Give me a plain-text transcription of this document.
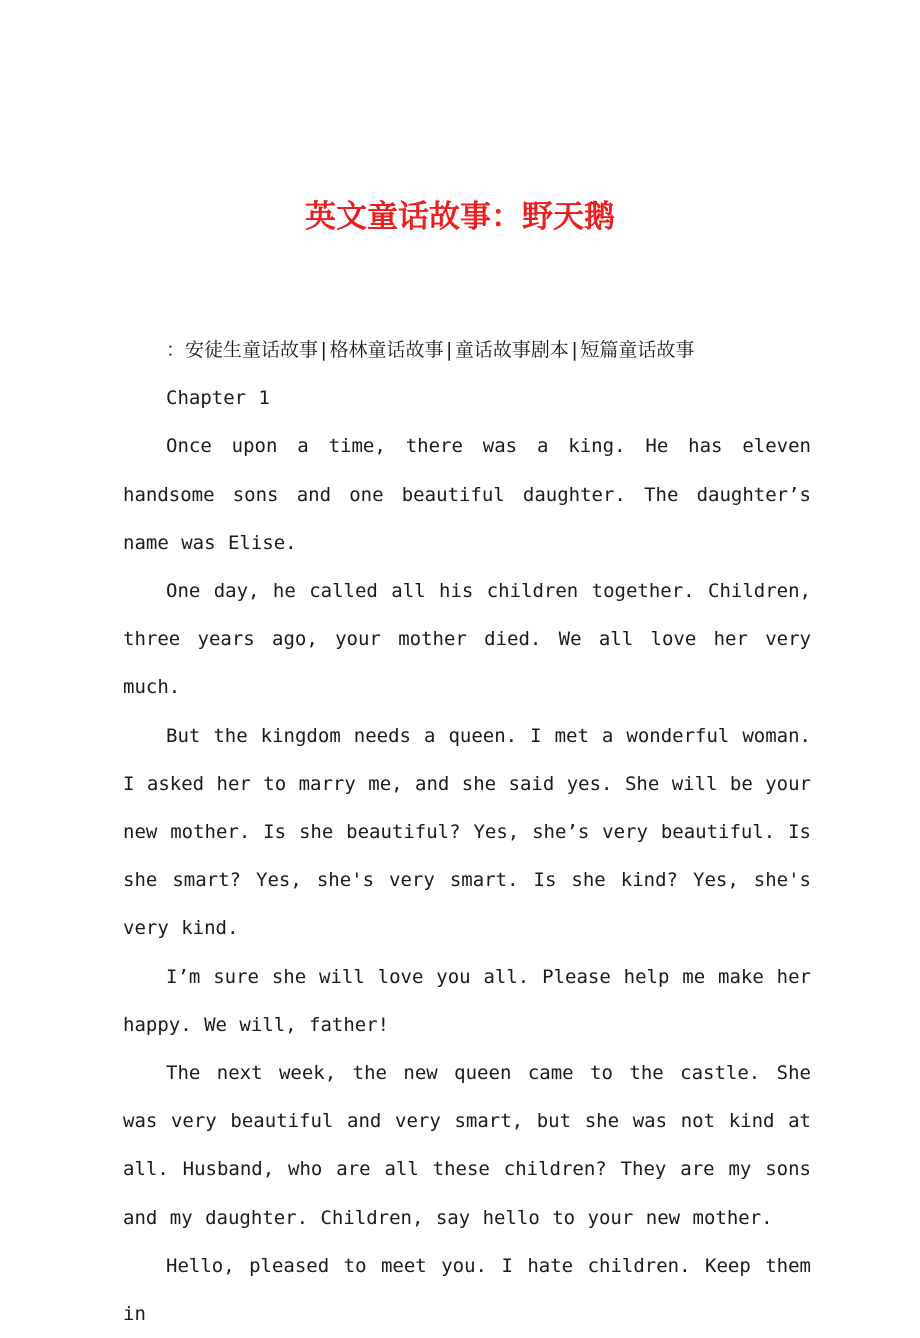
英文童话故事：野天鹅

：安徒生童话故事|格林童话故事|童话故事剧本|短篇童话故事

Chapter 1

Once upon a time, there was a king. He has eleven handsome sons and one beautiful daughter. The daughter’s name was Elise.

One day, he called all his children together. Children, three years ago, your mother died. We all love her very much.

But the kingdom needs a queen. I met a wonderful woman. I asked her to marry me, and she said yes. She will be your new mother. Is she beautiful? Yes, she’s very beautiful. Is she smart? Yes, she's very smart. Is she kind? Yes, she's very kind.

I’m sure she will love you all. Please help me make her happy. We will, father!

The next week, the new queen came to the castle. She was very beautiful and very smart, but she was not kind at all. Husband, who are all these children? They are my sons and my daughter. Children, say hello to your new mother.

Hello, pleased to meet you. I hate children. Keep them in
